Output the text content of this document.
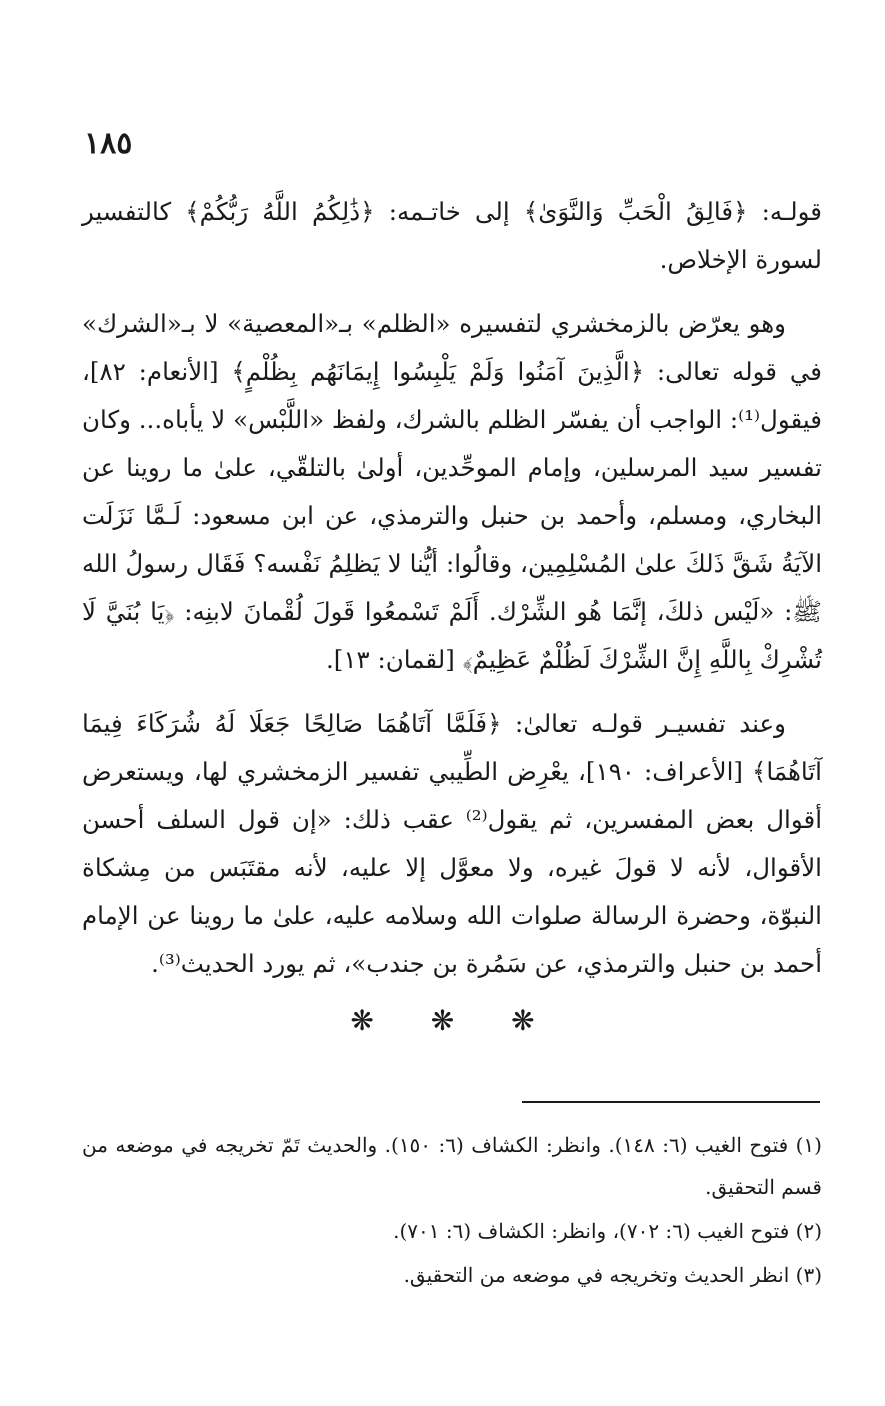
١٨٥

قولـه: ﴿فَالِقُ الْحَبِّ وَالنَّوَىٰ﴾ إلى خاتـمه: ﴿ذَٰلِكُمُ اللَّهُ رَبُّكُمْ﴾ كالتفسير لسورة الإخلاص.

وهو يعرّض بالزمخشري لتفسيره «الظلم» بـ«المعصية» لا بـ«الشرك» في قوله تعالى: ﴿الَّذِينَ آمَنُوا وَلَمْ يَلْبِسُوا إِيمَانَهُم بِظُلْمٍ﴾ [الأنعام: ٨٢]، فيقول⁽¹⁾: الواجب أن يفسّر الظلم بالشرك، ولفظ «اللَّبْس» لا يأباه... وكان تفسير سيد المرسلين، وإمام الموحِّدين، أولىٰ بالتلقّي، علىٰ ما روينا عن البخاري، ومسلم، وأحمد بن حنبل والترمذي، عن ابن مسعود: لَـمَّا نَزَلَت الآيَةُ شَقَّ ذَلكَ علىٰ المُسْلِمِين، وقالُوا: أيُّنا لا يَظلِمُ نَفْسه؟ فَقَال رسولُ الله ﷺ: «لَيْس ذلكَ، إنَّمَا هُو الشِّرْك. أَلَمْ تَسْمعُوا قَولَ لُقْمانَ لابنِه: ﴿يَا بُنَيَّ لَا تُشْرِكْ بِاللَّهِ إِنَّ الشِّرْكَ لَظُلْمٌ عَظِيمٌ﴾ [لقمان: ١٣].

وعند تفسيـر قولـه تعالىٰ: ﴿فَلَمَّا آتَاهُمَا صَالِحًا جَعَلَا لَهُ شُرَكَاءَ فِيمَا آتَاهُمَا﴾ [الأعراف: ١٩٠]، يعْرِض الطِّيبي تفسير الزمخشري لها، ويستعرض أقوال بعض المفسرين، ثم يقول⁽²⁾ عقب ذلك: «إن قول السلف أحسن الأقوال، لأنه لا قولَ غيره، ولا معوَّل إلا عليه، لأنه مقتَبَس من مِشكاة النبوّة، وحضرة الرسالة صلوات الله وسلامه عليه، علىٰ ما روينا عن الإمام أحمد بن حنبل والترمذي، عن سَمُرة بن جندب»، ثم يورد الحديث⁽³⁾.

❋ ❋ ❋
(١) فتوح الغيب (٦: ١٤٨). وانظر: الكشاف (٦: ١٥٠). والحديث تَمّ تخريجه في موضعه من قسم التحقيق.
(٢) فتوح الغيب (٦: ٧٠٢)، وانظر: الكشاف (٦: ٧٠١).
(٣) انظر الحديث وتخريجه في موضعه من التحقيق.
